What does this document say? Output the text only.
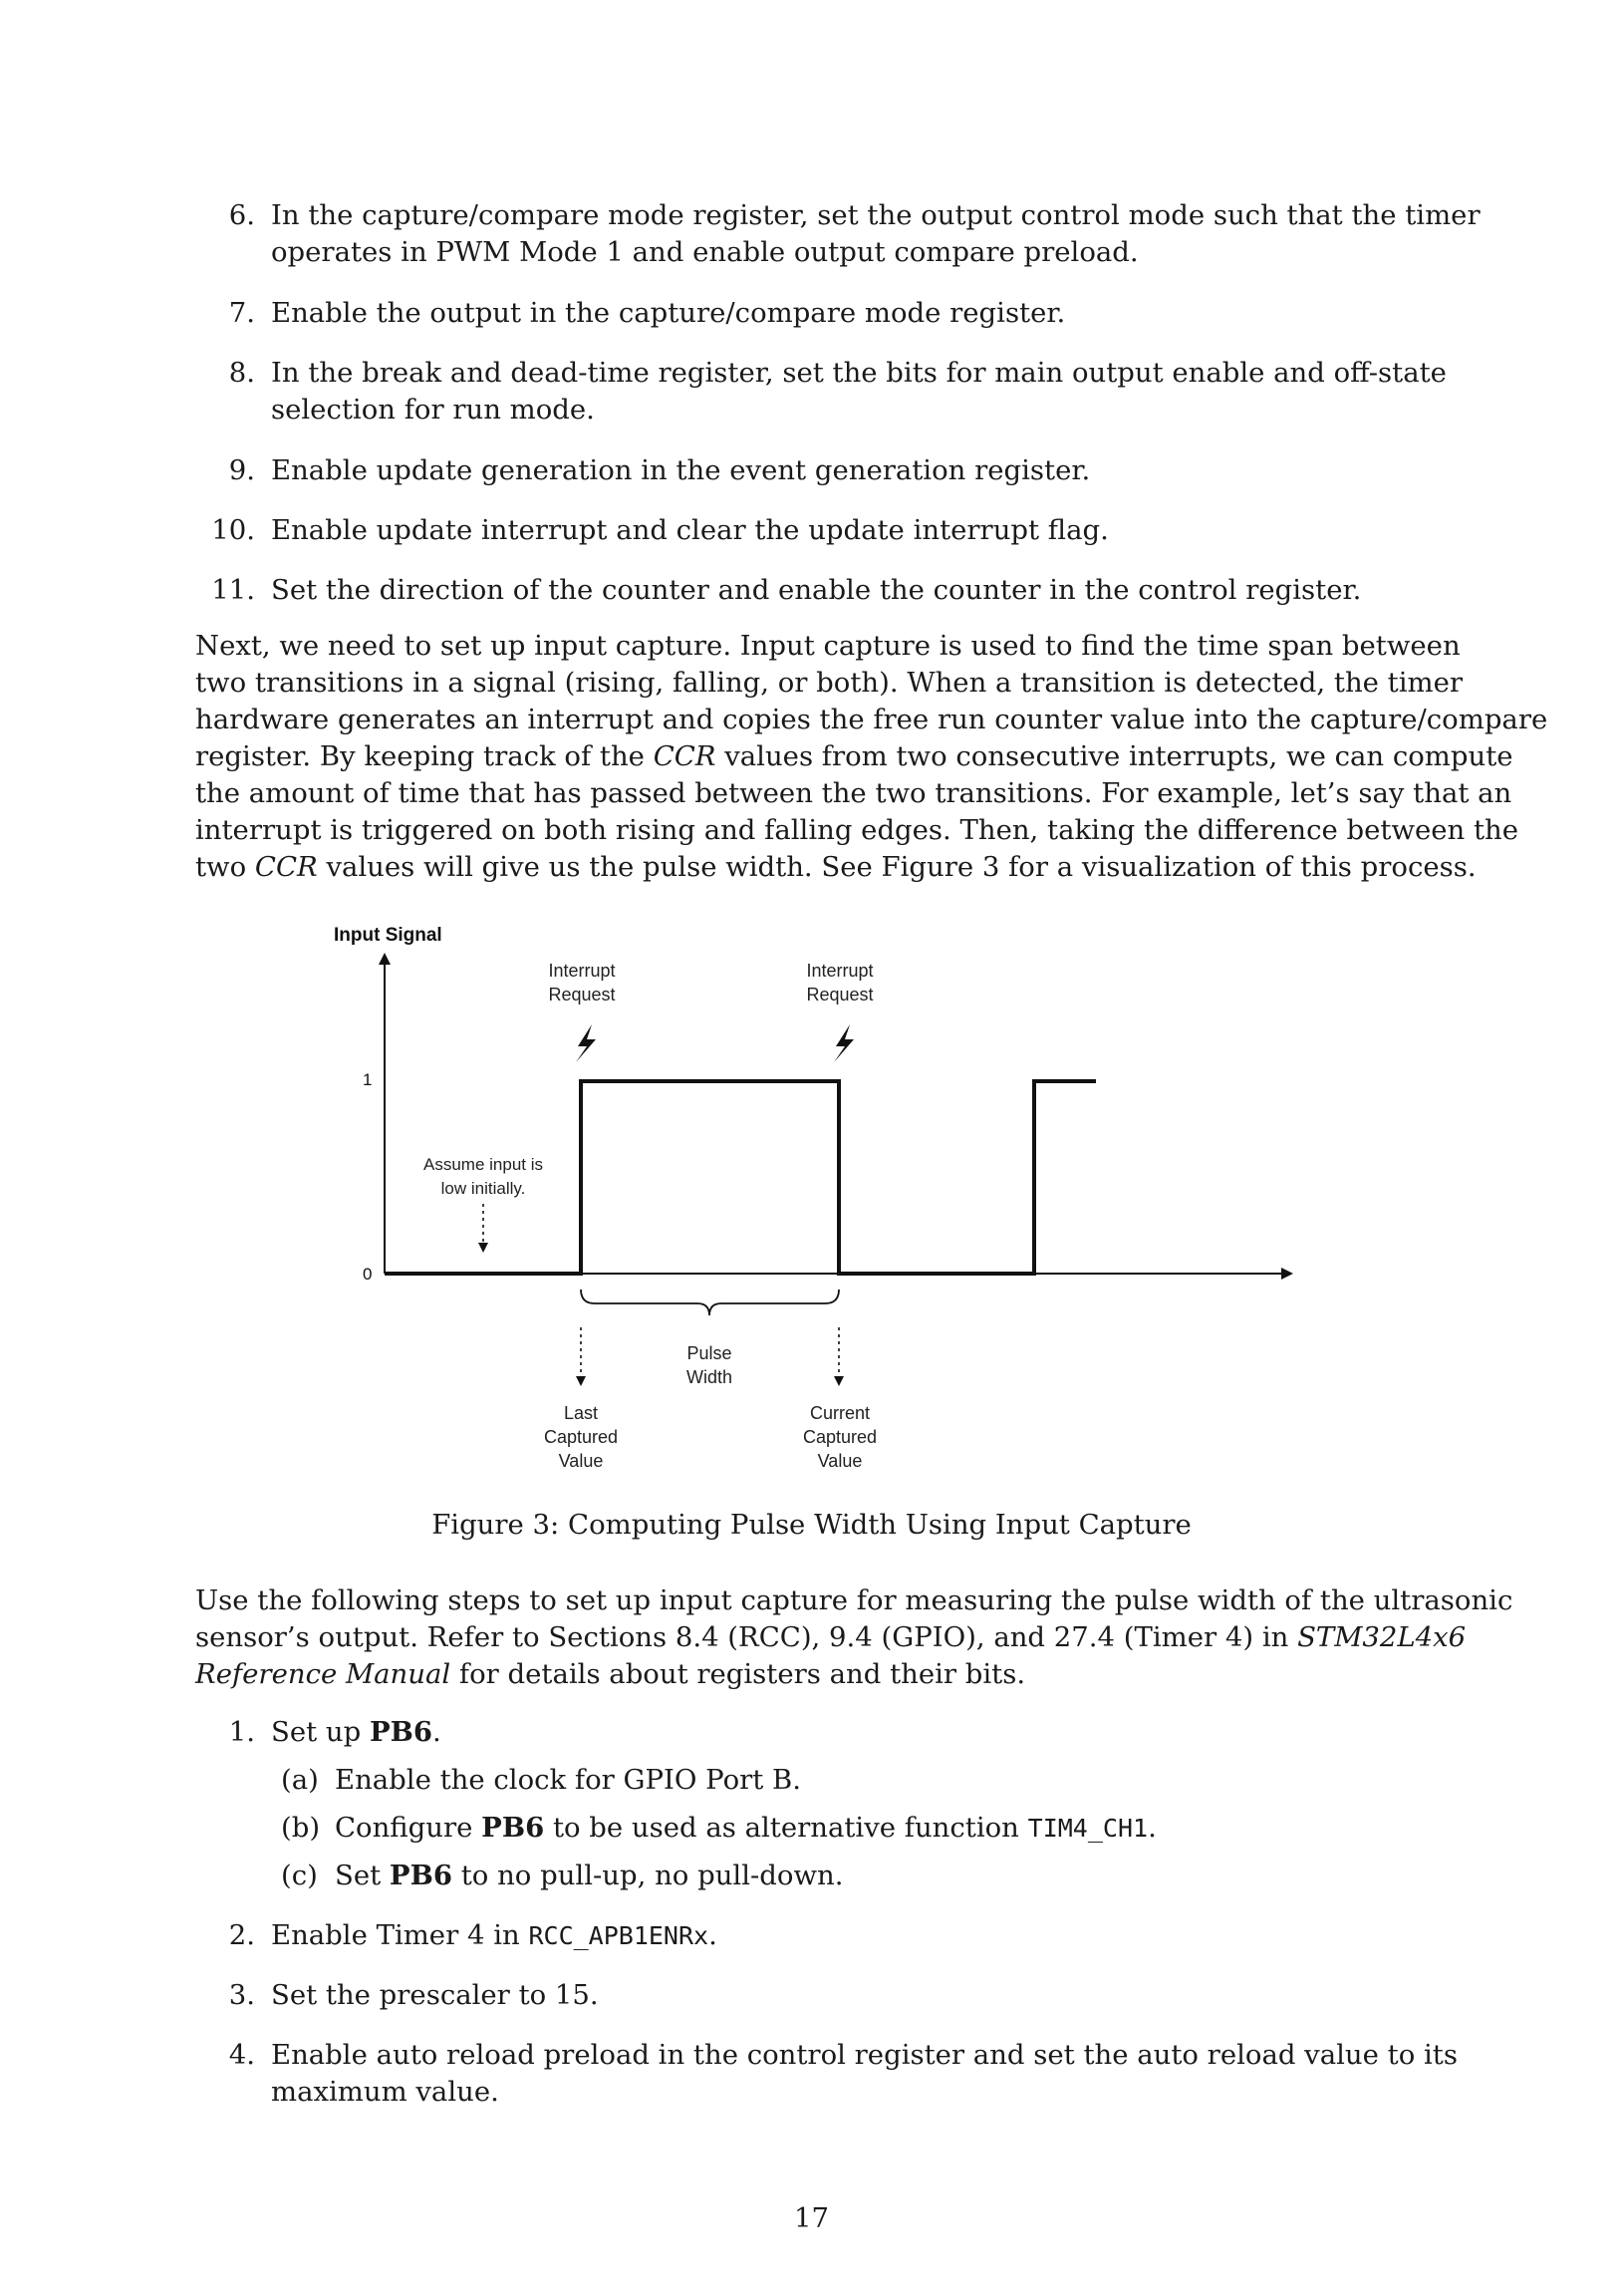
6. In the capture/compare mode register, set the output control mode such that the timer
operates in PWM Mode 1 and enable output compare preload.
7. Enable the output in the capture/compare mode register.
8. In the break and dead-time register, set the bits for main output enable and off-state
selection for run mode.
9. Enable update generation in the event generation register.
10. Enable update interrupt and clear the update interrupt flag.
11. Set the direction of the counter and enable the counter in the control register.
Next, we need to set up input capture. Input capture is used to find the time span between
two transitions in a signal (rising, falling, or both). When a transition is detected, the timer
hardware generates an interrupt and copies the free run counter value into the capture/compare
register. By keeping track of the CCR values from two consecutive interrupts, we can compute
the amount of time that has passed between the two transitions. For example, let’s say that an
interrupt is triggered on both rising and falling edges. Then, taking the difference between the
two CCR values will give us the pulse width. See Figure 3 for a visualization of this process.
Input Signal
1
0
Interrupt
Request
Interrupt
Request
Assume input is
low initially.
Pulse
Width
Last
Captured
Value
Current
Captured
Value
Figure 3: Computing Pulse Width Using Input Capture
Use the following steps to set up input capture for measuring the pulse width of the ultrasonic
sensor’s output. Refer to Sections 8.4 (RCC), 9.4 (GPIO), and 27.4 (Timer 4) in STM32L4x6
Reference Manual for details about registers and their bits.
1. Set up PB6.
(a) Enable the clock for GPIO Port B.
(b) Configure PB6 to be used as alternative function TIM4_CH1.
(c) Set PB6 to no pull-up, no pull-down.
2. Enable Timer 4 in RCC_APB1ENRx.
3. Set the prescaler to 15.
4. Enable auto reload preload in the control register and set the auto reload value to its
maximum value.
17
